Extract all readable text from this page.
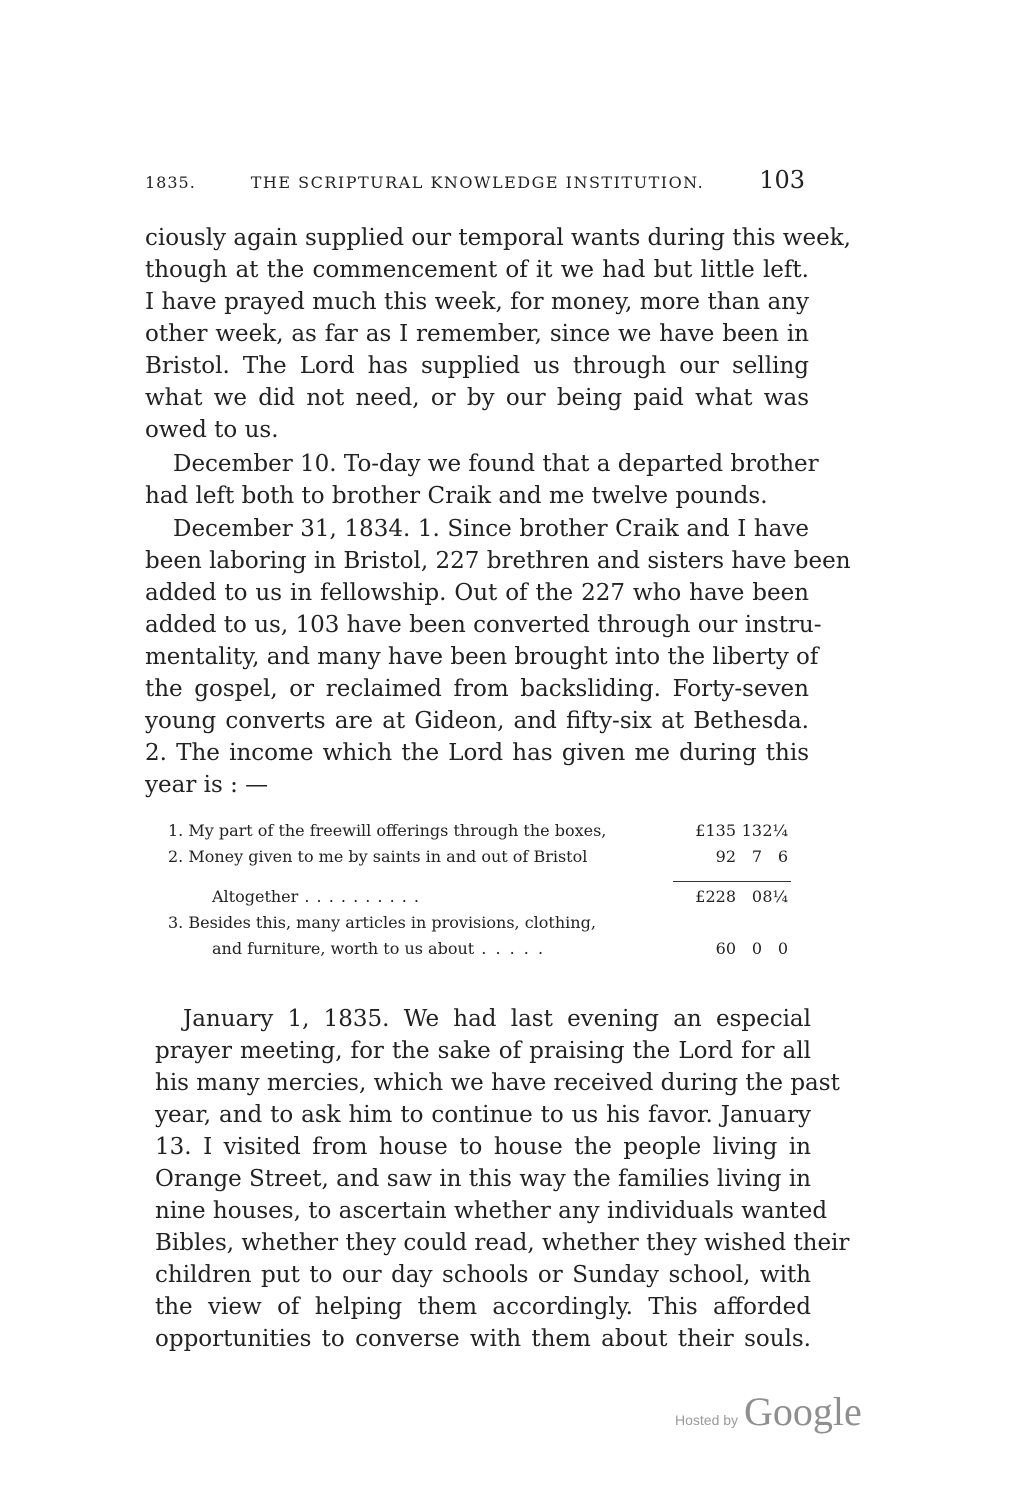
1835.	THE SCRIPTURAL KNOWLEDGE INSTITUTION. 103
ciously again supplied our temporal wants during this week,
though at the commencement of it we had but little left.
I have prayed much this week, for money, more than any
other week, as far as I remember, since we have been in
Bristol. The Lord has supplied us through our selling
what we did not need, or by our being paid what was
owed to us.
December 10. To-day we found that a departed brother
had left both to brother Craik and me twelve pounds.
December 31, 1834. 1. Since brother Craik and I have
been laboring in Bristol, 227 brethren and sisters have been
added to us in fellowship. Out of the 227 who have been
added to us, 103 have been converted through our instru-
mentality, and many have been brought into the liberty of
the gospel, or reclaimed from backsliding. Forty-seven
young converts are at Gideon, and fifty-six at Bethesda.
2. The income which the Lord has given me during this
year is : —
1. My part of the freewill offerings through the boxes,	£135 13 2¼
2. Money given to me by saints in and out of Bristol	92 7 6
Altogether . .	£228 0 8¼
3. Besides this, many articles in provisions, clothing,
and furniture, worth to us about . . . . .	60 0 0
January 1, 1835. We had last evening an especial
prayer meeting, for the sake of praising the Lord for all
his many mercies, which we have received during the past
year, and to ask him to continue to us his favor. January
13. I visited from house to house the people living in
Orange Street, and saw in this way the families living in
nine houses, to ascertain whether any individuals wanted
Bibles, whether they could read, whether they wished their
children put to our day schools or Sunday school, with
the view of helping them accordingly. This afforded
opportunities to converse with them about their souls.
Hosted by Google
